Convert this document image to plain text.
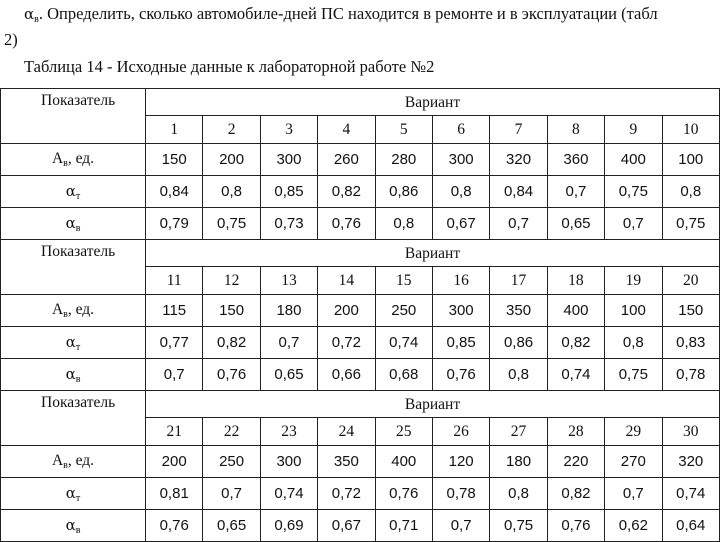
$\alpha_в$. Определить, сколько автомобиле-дней ПС находится в ремонте и в эксплуатации (табл
2)
Таблица 14 - Исходные данные к лабораторной работе №2
Показатель	Вариант									
	1	2	3	4	5	6	7	8	9	10
$A_в$, ед.	150	200	300	260	280	300	320	360	400	100
$\alpha_т$	0,84	0,8	0,85	0,82	0,86	0,8	0,84	0,7	0,75	0,8
$\alpha_в$	0,79	0,75	0,73	0,76	0,8	0,67	0,7	0,65	0,7	0,75
Показатель	Вариант									
	11	12	13	14	15	16	17	18	19	20
$A_в$, ед.	115	150	180	200	250	300	350	400	100	150
$\alpha_т$	0,77	0,82	0,7	0,72	0,74	0,85	0,86	0,82	0,8	0,83
$\alpha_в$	0,7	0,76	0,65	0,66	0,68	0,76	0,8	0,74	0,75	0,78
Показатель	Вариант									
	21	22	23	24	25	26	27	28	29	30
$A_в$, ед.	200	250	300	350	400	120	180	220	270	320
$\alpha_т$	0,81	0,7	0,74	0,72	0,76	0,78	0,8	0,82	0,7	0,74
$\alpha_в$	0,76	0,65	0,69	0,67	0,71	0,7	0,75	0,76	0,62	0,64
